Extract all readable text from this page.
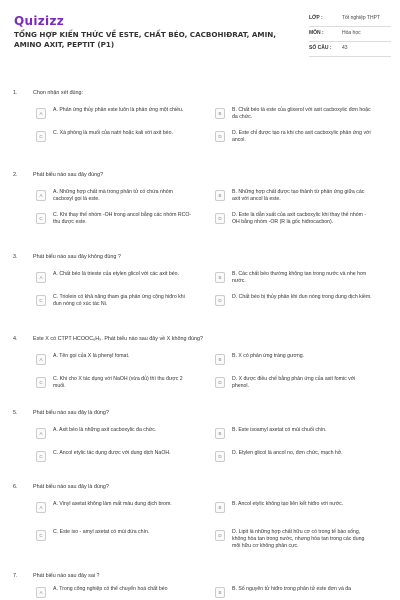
Quizizz
TỔNG HỢP KIẾN THỨC VỀ ESTE, CHẤT BÉO, CACBOHIĐRAT, AMIN, AMINO AXIT, PEPTIT (P1)
LỚP :	Tốt nghiệp THPT
MÔN :	Hóa học
SỐ CÂU :	43
1.	Chọn nhận xét đúng:
A
A. Phản ứng thủy phân este luôn là phản ứng một chiều.
B
B. Chất béo là este của glixerol với axit cacboxylic đơn hoặc đa chức.
C
C. Xà phòng là muối của natri hoặc kali với axit béo.
D
D. Este chỉ được tạo ra khi cho axit cacboxylic phản ứng với ancol.
2.	Phát biểu nào sau đây đúng?
A
A. Những hợp chất mà trong phân tử có chứa nhóm cacboxyl gọi là este.
B
B. Những hợp chất được tạo thành từ phản ứng giữa các axit với ancol là este.
C
C. Khi thay thế nhóm -OH trong ancol bằng các nhóm RCO- thu được este.
D
D. Este là dẫn xuất của axit cacboxylic khi thay thế nhóm -OH bằng nhóm -OR (R là gốc hiđrocacbon).
3.	Phát biểu nào sau đây không đúng ?
A
A. Chất béo là trieste của etylen glicol với các axit béo.
B
B. Các chất béo thường không tan trong nước và nhẹ hơn nước.
C
C. Triolein có khả năng tham gia phản ứng cộng hiđro khi đun nóng có xúc tác Ni.
D
D. Chất béo bị thủy phân khi đun nóng trong dung dịch kiềm.
4.	Este X có CTPT HCOOC₆H₅. Phát biểu nào sau đây về X không đúng?
A
A. Tên gọi của X là phenyl fomat.
B
B. X có phản ứng tráng gương.
C
C. Khi cho X tác dụng với NaOH (vừa đủ) thì thu được 2 muối.
D
D. X được điều chế bằng phản ứng của axit fomic với phenol.
5.	Phát biểu nào sau đây là đúng?
A
A. Axit béo là những axit cacboxylic đa chức.
B
B. Este isoamyl axetat có mùi chuối chín.
C
C. Ancol etylic tác dụng được với dung dịch NaOH.
D
D. Etylen glicol là ancol no, đơn chức, mạch hở.
6.	Phát biểu nào sau đây là đúng?
A
A. Vinyl axetat không làm mất màu dung dịch brom.
B
B. Ancol etylic không tạo liên kết hiđro với nước.
C
C. Este iso - amyl axetat có mùi dứa chín.
D
D. Lipit là những hợp chất hữu cơ có trong tế bào sống, không hòa tan trong nước, nhưng hòa tan trong các dung môi hữu cơ không phân cực.
7.	Phát biểu nào sau đây sai ?
A
A. Trong công nghiệp có thể chuyển hoá chất béo
B
B. Số nguyên tử hiđro trong phân tử este đơn và đa
